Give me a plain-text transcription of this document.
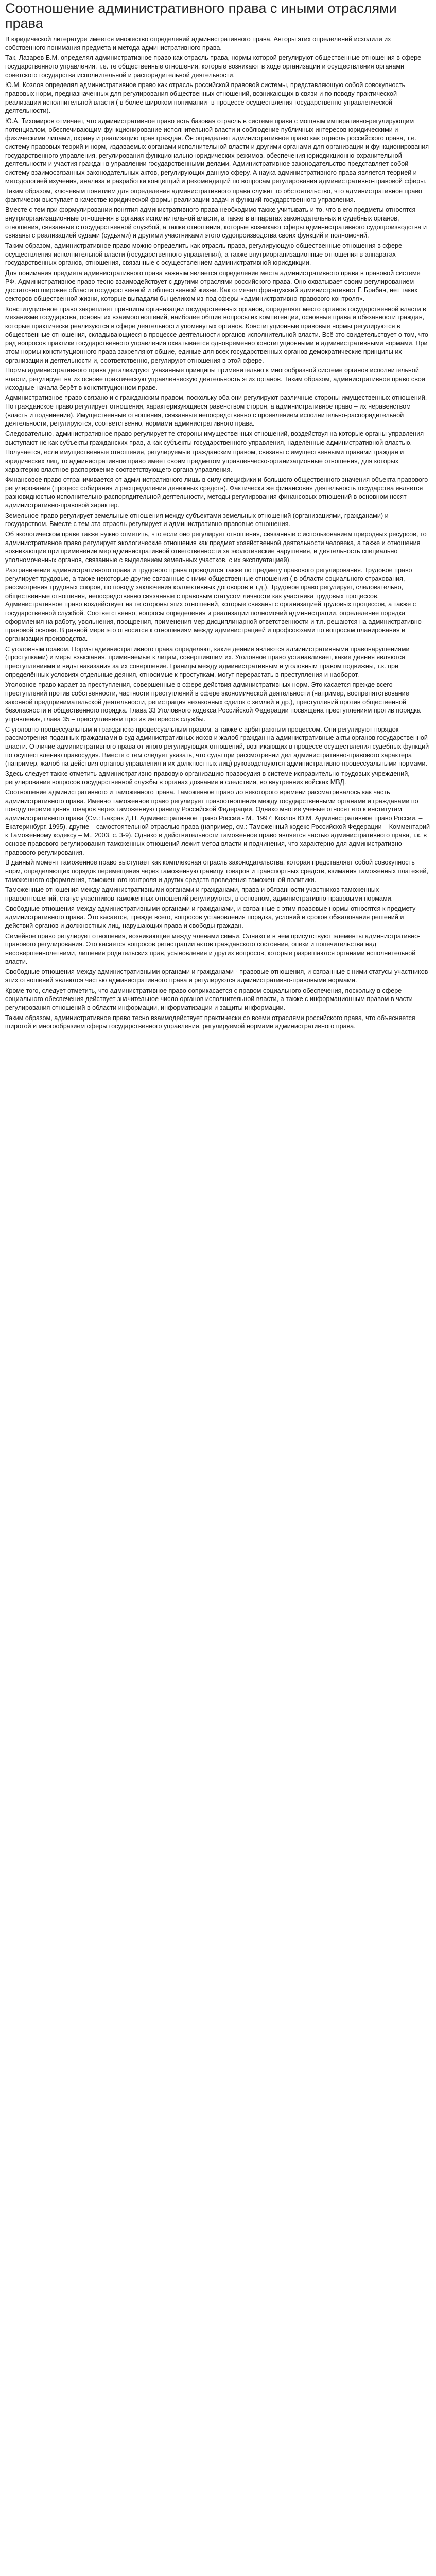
Соотношение административного права с иными отраслями права

В юридической литературе имеется множество определений административного права. Авторы этих определений исходили из собственного понимания предмета и метода административного права.

Так, Лазарев Б.М. определял административное право как отрасль права, нормы которой регулируют общественные отношения в сфере государственного управления, т.е. те общественные отношения, которые возникают в ходе организации и осуществления органами советского государства исполнительной и распорядительной деятельности.

Ю.М. Козлов определял административное право как отрасль российской правовой системы, представляющую собой совокупность правовых норм, предназначенных для регулирования общественных отношений, возникающих в связи и по поводу практической реализации исполнительной власти ( в более широком понимании- в процессе осуществления государственно-управленческой деятельности).

Ю.А. Тихомиров отмечает, что административное право есть базовая отрасль в системе права с мощным императивно-регулирующим потенциалом, обеспечивающим функционирование исполнительной власти и соблюдение публичных интересов юридическими и физическими лицами, охрану и реализацию прав граждан. Он определяет административное право как отрасль российского права, т.е. систему правовых теорий и норм, издаваемых органами исполнительной власти и другими органами для организации и функционирования государственного управления, регулирования функционально-юридических режимов, обеспечения юрисдикционно-охранительной деятельности и участия граждан в управлении государственными делами. Административное законодательство представляет собой систему взаимосвязанных законодательных актов, регулирующих данную сферу. А наука административного права является теорией и методологией изучения, анализа и разработки концепций и рекомендаций по вопросам регулирования административно-правовой сферы.

Таким образом, ключевым понятием для определения административного права служит то обстоятельство, что административное право фактически выступает в качестве юридической формы реализации задач и функций государственного управления.

Вместе с тем при формулировании понятия административного права необходимо также учитывать и то, что в его предметы относятся внутриорганизационные отношения в органах исполнительной власти, а также в аппаратах законодательных и судебных органов, отношения, связанные с государственной службой, а также отношения, которые возникают сферы административного судопроизводства и связаны с реализацией судами (судьями) и другими участниками этого судопроизводства своих функций и полномочий.

Таким образом, административное право можно определить как отрасль права, регулирующую общественные отношения в сфере осуществления исполнительной власти (государственного управления), а также внутриорганизационные отношения в аппаратах государственных органов, отношения, связанные с осуществлением административной юрисдикции.

Для понимания предмета административного права важным является определение места административного права в правовой системе РФ. Административное право тесно взаимодействует с другими отраслями российского права. Оно охватывает своим регулированием достаточно широкие области государственной и общественной жизни. Как отмечал французский административист Г. Брабан, нет таких секторов общественной жизни, которые выпадали бы целиком из-под сферы «административно-правового контроля».

Конституционное право закрепляет принципы организации государственных органов, определяет место органов государственной власти в механизме государства, основы их взаимоотношений, наиболее общие вопросы их компетенции, основные права и обязанности граждан, которые практически реализуются в сфере деятельности упомянутых органов. Конституционные правовые нормы регулируются в общественные отношения, складывающиеся в процессе деятельности органов исполнительной власти. Всё это свидетельствует о том, что ряд вопросов практики государственного управления охватывается одновременно конституционными и административными нормами. При этом нормы конституционного права закрепляют общие, единые для всех государственных органов демократические принципы их организации и деятельности и, соответственно, регулируют отношения в этой сфере.

Нормы административного права детализируют указанные принципы применительно к многообразной системе органов исполнительной власти, регулирует на их основе практическую управленческую деятельность этих органов. Таким образом, административное право свои исходные начала берёт в конституционном праве.

Административное право связано и с гражданским правом, поскольку оба они регулируют различные стороны имущественных отношений. Но гражданское право регулирует отношения, характеризующиеся равенством сторон, а административное право – их неравенством (власть и подчинение). Имущественные отношения, связанные непосредственно с проявлением исполнительно-распорядительной деятельности, регулируются, соответственно, нормами административного права.

Следовательно, административное право регулирует те стороны имущественных отношений, воздействуя на которые органы управления выступают не как субъекты гражданских прав, а как субъекты государственного управления, наделённые административной властью.

Получается, если имущественные отношения, регулируемые гражданским правом, связаны с имущественными правами граждан и юридических лиц, то административное право имеет своим предметом управленческо-организационные отношения, для которых характерно властное распоряжение соответствующего органа управления.

Финансовое право отграничивается от административного лишь в силу специфики и большого общественного значения объекта правового регулирования (процесс собирания и распределения денежных средств). Фактически же финансовая деятельность государства является разновидностью исполнительно-распорядительной деятельности, методы регулирования финансовых отношений в основном носят административно-правовой характер.

Земельное право регулирует земельные отношения между субъектами земельных отношений (организациями, гражданами) и государством. Вместе с тем эта отрасль регулирует и административно-правовые отношения.

Об экологическом праве также нужно отметить, что если оно регулирует отношения, связанные с использованием природных ресурсов, то административное право регулирует экологические отношения как предмет хозяйственной деятельности человека, а также и отношения возникающие при применении мер административной ответственности за экологические нарушения, и деятельность специально уполномоченных органов, связанные с выделением земельных участков, с их эксплуатацией).

Разграничение административного права и трудового права проводится также по предмету правового регулирования. Трудовое право регулирует трудовые, а также некоторые другие связанные с ними общественные отношения ( в области социального страхования, рассмотрения трудовых споров, по поводу заключения коллективных договоров и т.д.). Трудовое право регулирует, следовательно, общественные отношения, непосредственно связанные с правовым статусом личности как участника трудовых процессов. Административное право воздействует на те стороны этих отношений, которые связаны с организацией трудовых процессов, а также с государственной службой. Соответственно, вопросы определения и реализации полномочий администрации, определение порядка оформления на работу, увольнения, поощрения, применения мер дисциплинарной ответственности и т.п. решаются на административно-правовой основе. В равной мере это относится к отношениям между администрацией и профсоюзами по вопросам планирования и организации производства.

С уголовным правом. Нормы административного права определяют, какие деяния являются административными правонарушениями (проступками) и меры взыскания, применяемые к лицам, совершившим их. Уголовное право устанавливает, какие деяния являются преступлениями и виды наказания за их совершение. Границы между административным и уголовным правом подвижны, т.к. при определённых условиях отдельные деяния, относимые к проступкам, могут перерастать в преступления и наоборот.

Уголовное право карает за преступления, совершенные в сфере действия административных норм. Это касается прежде всего преступлений против собственности, частности преступлений в сфере экономической деятельности (например, воспрепятствование законной предпринимательской деятельности, регистрация незаконных сделок с землей и др.), преступлений против общественной безопасности и общественного порядка. Глава 33 Уголовного кодекса Российской Федерации посвящена преступлениям против порядка управления, глава 35 – преступлениям против интересов службы.

С уголовно-процессуальным и гражданско-процессуальным правом, а также с арбитражным процессом. Они регулируют порядок рассмотрения поданных гражданами в суд административных исков и жалоб граждан на административные акты органов государственной власти. Отличие административного права от иного регулирующих отношений, возникающих в процессе осуществления судебных функций по осуществлению правосудия. Вместе с тем следует указать, что суды при рассмотрении дел административно-правового характера (например, жалоб на действия органов управления и их должностных лиц) руководствуются административно-процессуальными нормами.

Здесь следует также отметить административно-правовую организацию правосудия в системе исправительно-трудовых учреждений, регулирование вопросов государственной службы в органах дознания и следствия, во внутренних войсках МВД.

Соотношение административного и таможенного права. Таможенное право до некоторого времени рассматривалось как часть административного права. Именно таможенное право регулирует правоотношения между государственными органами и гражданами по поводу перемещения товаров через таможенную границу Российской Федерации. Однако многие ученые относят его к институтам административного права (См.: Бахрах Д.Н. Административное право России.- М., 1997; Козлов Ю.М. Административное право России. – Екатеринбург, 1995), другие – самостоятельной отраслью права (например, см.: Таможенный кодекс Российской Федерации – Комментарий к Таможенному кодексу – М., 2003, с. 3-9). Однако в действительности таможенное право является частью административного права, т.к. в основе правового регулирования таможенных отношений лежит метод власти и подчинения, что характерно для административно-правового регулирования.

В данный момент таможенное право выступает как комплексная отрасль законодательства, которая представляет собой совокупность норм, определяющих порядок перемещения через таможенную границу товаров и транспортных средств, взимания таможенных платежей, таможенного оформления, таможенного контроля и других средств проведения таможенной политики.

Таможенные отношения между административными органами и гражданами, права и обязанности участников таможенных правоотношений, статус участников таможенных отношений регулируются, в основном, административно-правовыми нормами.

Свободные отношения между административными органами и гражданами, и связанные с этим правовые нормы относятся к предмету административного права. Это касается, прежде всего, вопросов установления порядка, условий и сроков обжалования решений и действий органов и должностных лиц, нарушающих права и свободы граждан.

Семейное право регулирует отношения, возникающие между членами семьи. Однако и в нем присутствуют элементы административно-правового регулирования. Это касается вопросов регистрации актов гражданского состояния, опеки и попечительства над несовершеннолетними, лишения родительских прав, усыновления и других вопросов, которые разрешаются органами исполнительной власти.

Свободные отношения между административными органами и гражданами - правовые отношения, и связанные с ними статусы участников этих отношений являются частью административного права и регулируются административно-правовыми нормами.

Кроме того, следует отметить, что административное право соприкасается с правом социального обеспечения, поскольку в сфере социального обеспечения действует значительное число органов исполнительной власти, а также с информационным правом в части регулирования отношений в области информации, информатизации и защиты информации.

Таким образом, административное право тесно взаимодействует практически со всеми отраслями российского права, что объясняется широтой и многообразием сферы государственного управления, регулируемой нормами административного права.
